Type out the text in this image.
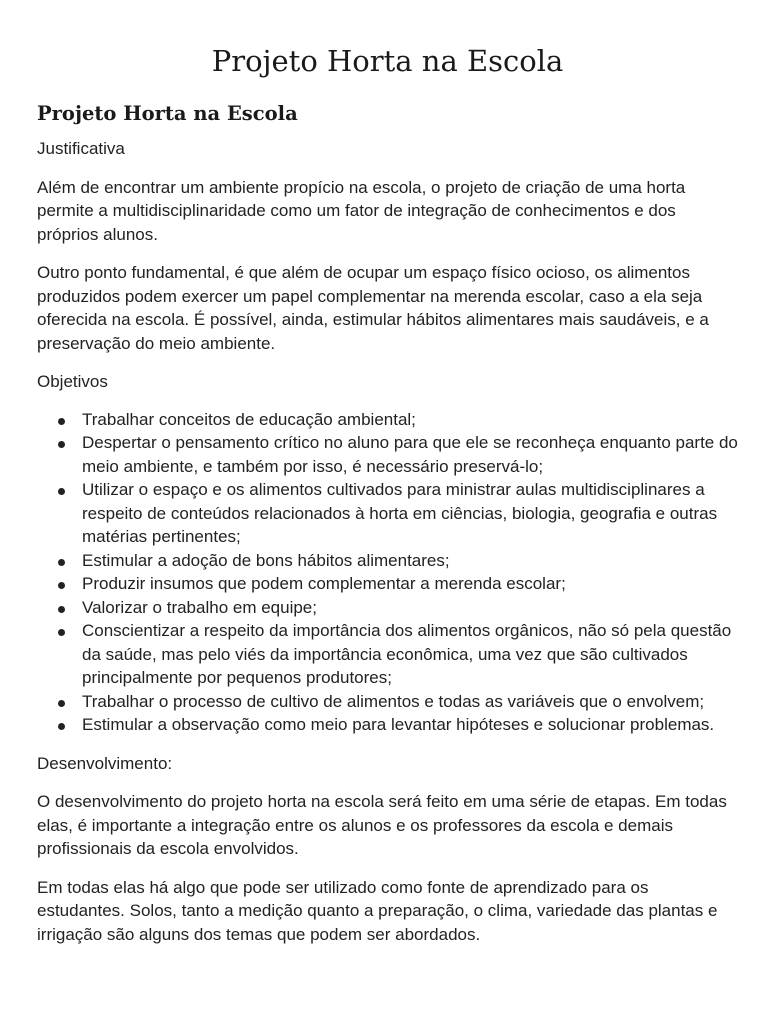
Projeto Horta na Escola
Projeto Horta na Escola

Justificativa

Além de encontrar um ambiente propício na escola, o projeto de criação de uma horta permite a multidisciplinaridade como um fator de integração de conhecimentos e dos próprios alunos.

Outro ponto fundamental, é que além de ocupar um espaço físico ocioso, os alimentos produzidos podem exercer um papel complementar na merenda escolar, caso a ela seja oferecida na escola. É possível, ainda, estimular hábitos alimentares mais saudáveis, e a preservação do meio ambiente.

Objetivos

Trabalhar conceitos de educação ambiental;
Despertar o pensamento crítico no aluno para que ele se reconheça enquanto parte do meio ambiente, e também por isso, é necessário preservá-lo;
Utilizar o espaço e os alimentos cultivados para ministrar aulas multidisciplinares a respeito de conteúdos relacionados à horta em ciências, biologia, geografia e outras matérias pertinentes;
Estimular a adoção de bons hábitos alimentares;
Produzir insumos que podem complementar a merenda escolar;
Valorizar o trabalho em equipe;
Conscientizar a respeito da importância dos alimentos orgânicos, não só pela questão da saúde, mas pelo viés da importância econômica, uma vez que são cultivados principalmente por pequenos produtores;
Trabalhar o processo de cultivo de alimentos e todas as variáveis que o envolvem;
Estimular a observação como meio para levantar hipóteses e solucionar problemas.

Desenvolvimento:

O desenvolvimento do projeto horta na escola será feito em uma série de etapas. Em todas elas, é importante a integração entre os alunos e os professores da escola e demais profissionais da escola envolvidos.

Em todas elas há algo que pode ser utilizado como fonte de aprendizado para os estudantes. Solos, tanto a medição quanto a preparação, o clima, variedade das plantas e irrigação são alguns dos temas que podem ser abordados.
